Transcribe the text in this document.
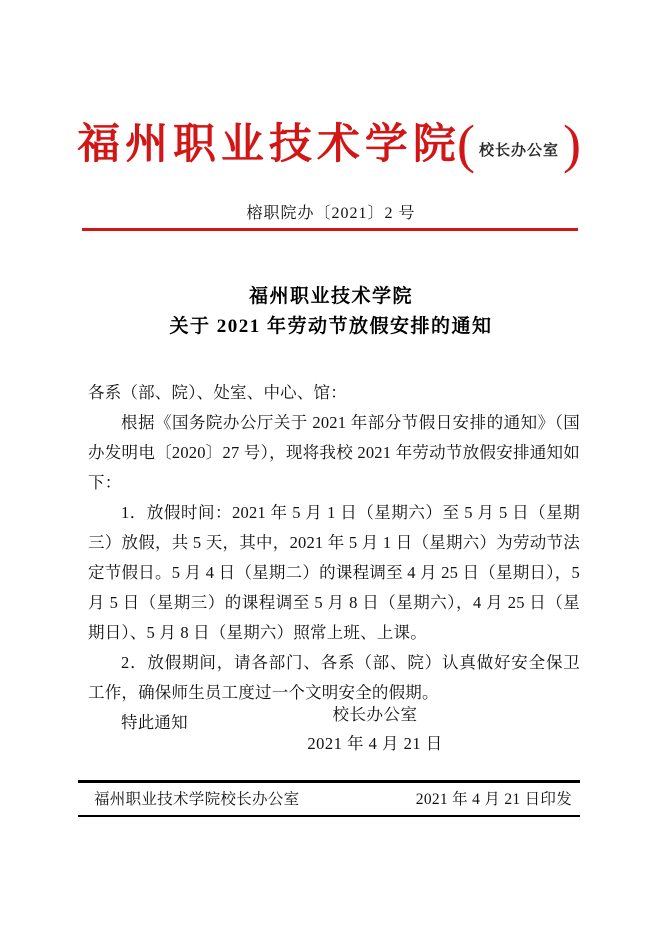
福州职业技术学院( 校长办公室)
榕职院办〔2021〕2 号
福州职业技术学院
关于 2021 年劳动节放假安排的通知

各系（部、院）、处室、中心、馆：

根据《国务院办公厅关于 2021 年部分节假日安排的通知》（国办发明电〔2020〕27 号），现将我校 2021 年劳动节放假安排通知如下：

1．放假时间：2021 年 5 月 1 日（星期六）至 5 月 5 日（星期三）放假，共 5 天，其中，2021 年 5 月 1 日（星期六）为劳动节法定节假日。5 月 4 日（星期二）的课程调至 4 月 25 日（星期日），5 月 5 日（星期三）的课程调至 5 月 8 日（星期六），4 月 25 日（星期日）、5 月 8 日（星期六）照常上班、上课。

2．放假期间，请各部门、各系（部、院）认真做好安全保卫工作，确保师生员工度过一个文明安全的假期。

特此通知	校长办公室
2021 年 4 月 21 日
福州职业技术学院校长办公室	2021 年 4 月 21 日印发
